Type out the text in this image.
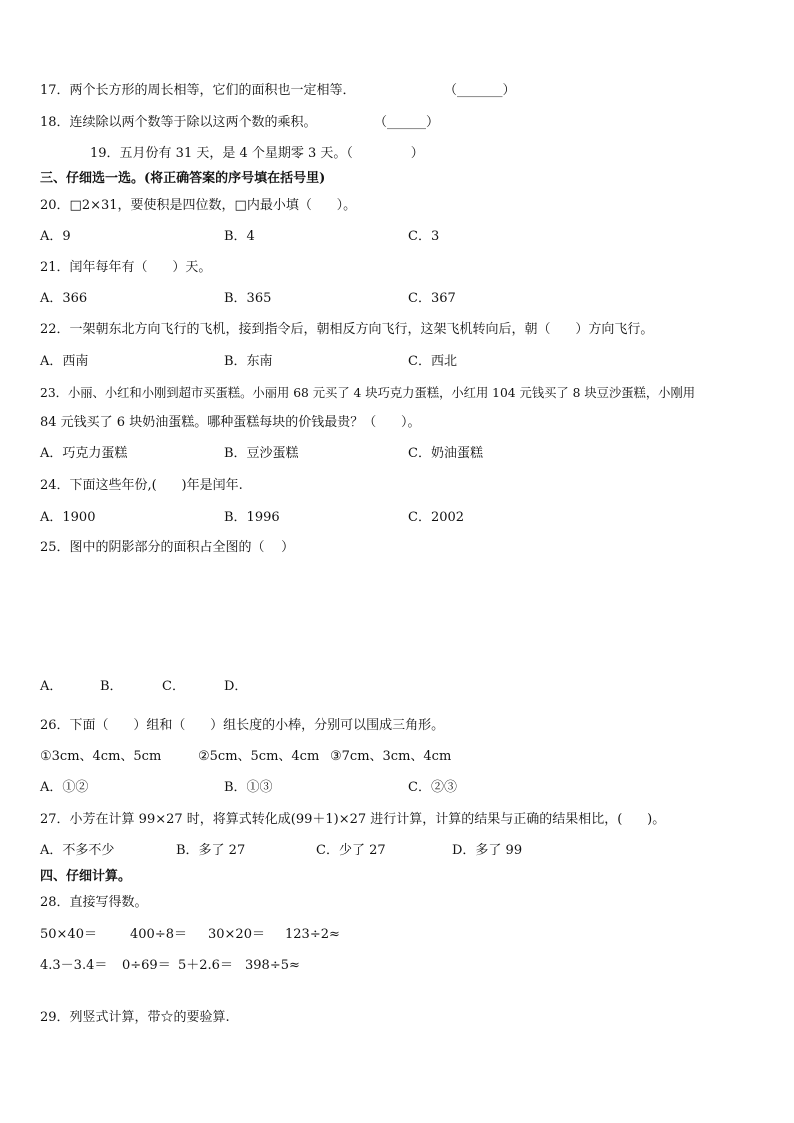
17．两个长方形的周长相等，它们的面积也一定相等．	（_______）
18．连续除以两个数等于除以这两个数的乘积。	（______）
19．五月份有 31 天，是 4 个星期零 3 天。（              ）
三、仔细选一选。(将正确答案的序号填在括号里)
20．□2×31，要使积是四位数，□内最小填（      ）。
A．9	B．4	C．3
21．闰年每年有（      ）天。
A．366	B．365	C．367
22．一架朝东北方向飞行的飞机，接到指令后，朝相反方向飞行，这架飞机转向后，朝（      ）方向飞行。
A．西南	B．东南	C．西北
23．小丽、小红和小刚到超市买蛋糕。小丽用 68 元买了 4 块巧克力蛋糕，小红用 104 元钱买了 8 块豆沙蛋糕，小刚用
84 元钱买了 6 块奶油蛋糕。哪种蛋糕每块的价钱最贵？（      ）。
A．巧克力蛋糕	B．豆沙蛋糕	C．奶油蛋糕
24．下面这些年份,(      )年是闰年.
A．1900	B．1996	C．2002
25．图中的阴影部分的面积占全图的（    ）
A．	B．	C．	D．
26．下面（      ）组和（      ）组长度的小棒，分别可以围成三角形。
①3cm、4cm、5cm	②5cm、5cm、4cm ③7cm、3cm、4cm
A．①②	B．①③	C．②③
27．小芳在计算 99×27 时，将算式转化成(99＋1)×27 进行计算，计算的结果与正确的结果相比，(      )。
A．不多不少	B．多了 27	C．少了 27	D．多了 99
四、仔细计算。
28．直接写得数。
50×40＝	400÷8＝ 30×20＝ 123÷2≈
4.3－3.4＝ 0÷69＝ 5＋2.6＝ 398÷5≈
29．列竖式计算，带☆的要验算.
